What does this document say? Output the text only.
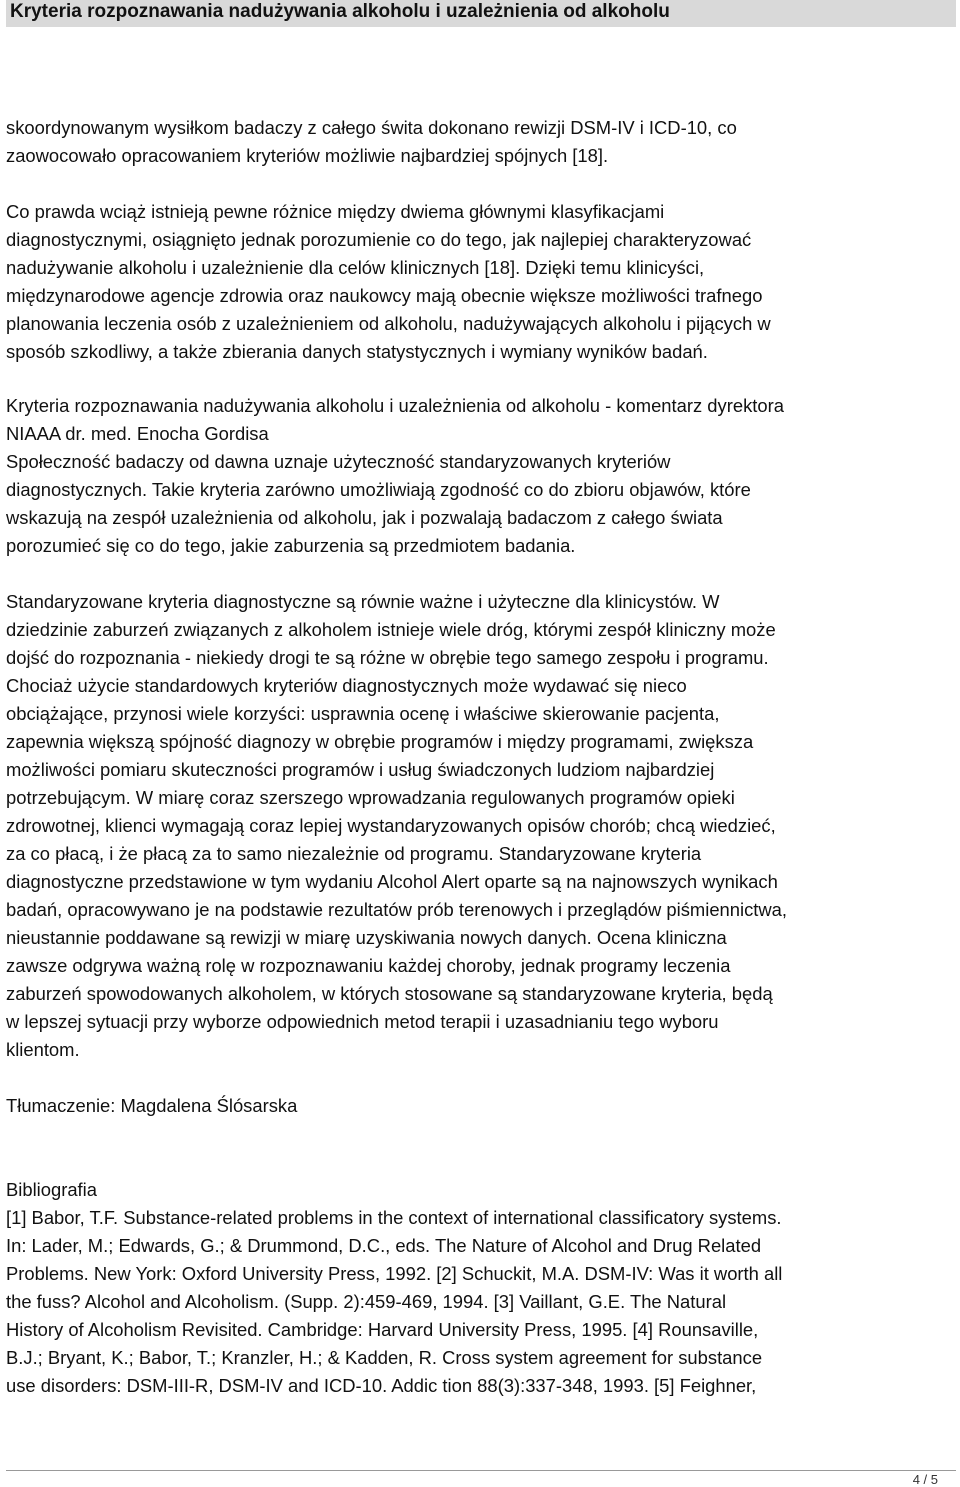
Kryteria rozpoznawania nadużywania alkoholu i uzależnienia od alkoholu

skoordynowanym wysiłkom badaczy z całego świta dokonano rewizji DSM-IV i ICD-10, co
zaowocowało opracowaniem kryteriów możliwie najbardziej spójnych [18].

Co prawda wciąż istnieją pewne różnice między dwiema głównymi klasyfikacjami
diagnostycznymi, osiągnięto jednak porozumienie co do tego, jak najlepiej charakteryzować
nadużywanie alkoholu i uzależnienie dla celów klinicznych [18]. Dzięki temu klinicyści,
międzynarodowe agencje zdrowia oraz naukowcy mają obecnie większe możliwości trafnego
planowania leczenia osób z uzależnieniem od alkoholu, nadużywających alkoholu i pijących w
sposób szkodliwy, a także zbierania danych statystycznych i wymiany wyników badań.

Kryteria rozpoznawania nadużywania alkoholu i uzależnienia od alkoholu - komentarz dyrektora
NIAAA dr. med. Enocha Gordisa
Społeczność badaczy od dawna uznaje użyteczność standaryzowanych kryteriów
diagnostycznych. Takie kryteria zarówno umożliwiają zgodność co do zbioru objawów, które
wskazują na zespół uzależnienia od alkoholu, jak i pozwalają badaczom z całego świata
porozumieć się co do tego, jakie zaburzenia są przedmiotem badania.

Standaryzowane kryteria diagnostyczne są równie ważne i użyteczne dla klinicystów. W
dziedzinie zaburzeń związanych z alkoholem istnieje wiele dróg, którymi zespół kliniczny może
dojść do rozpoznania - niekiedy drogi te są różne w obrębie tego samego zespołu i programu.
Chociaż użycie standardowych kryteriów diagnostycznych może wydawać się nieco
obciążające, przynosi wiele korzyści: usprawnia ocenę i właściwe skierowanie pacjenta,
zapewnia większą spójność diagnozy w obrębie programów i między programami, zwiększa
możliwości pomiaru skuteczności programów i usług świadczonych ludziom najbardziej
potrzebującym. W miarę coraz szerszego wprowadzania regulowanych programów opieki
zdrowotnej, klienci wymagają coraz lepiej wystandaryzowanych opisów chorób; chcą wiedzieć,
za co płacą, i że płacą za to samo niezależnie od programu. Standaryzowane kryteria
diagnostyczne przedstawione w tym wydaniu Alcohol Alert oparte są na najnowszych wynikach
badań, opracowywano je na podstawie rezultatów prób terenowych i przeglądów piśmiennictwa,
nieustannie poddawane są rewizji w miarę uzyskiwania nowych danych. Ocena kliniczna
zawsze odgrywa ważną rolę w rozpoznawaniu każdej choroby, jednak programy leczenia
zaburzeń spowodowanych alkoholem, w których stosowane są standaryzowane kryteria, będą
w lepszej sytuacji przy wyborze odpowiednich metod terapii i uzasadnianiu tego wyboru
klientom.

Tłumaczenie: Magdalena Ślósarska

Bibliografia
[1] Babor, T.F. Substance-related problems in the context of international classificatory systems.
In: Lader, M.; Edwards, G.; & Drummond, D.C., eds. The Nature of Alcohol and Drug Related
Problems. New York: Oxford University Press, 1992. [2] Schuckit, M.A. DSM-IV: Was it worth all
the fuss? Alcohol and Alcoholism. (Supp. 2):459-469, 1994. [3] Vaillant, G.E. The Natural
History of Alcoholism Revisited. Cambridge: Harvard University Press, 1995. [4] Rounsaville,
B.J.; Bryant, K.; Babor, T.; Kranzler, H.; & Kadden, R. Cross system agreement for substance
use disorders: DSM-III-R, DSM-IV and ICD-10. Addic tion 88(3):337-348, 1993. [5] Feighner,

4 / 5
